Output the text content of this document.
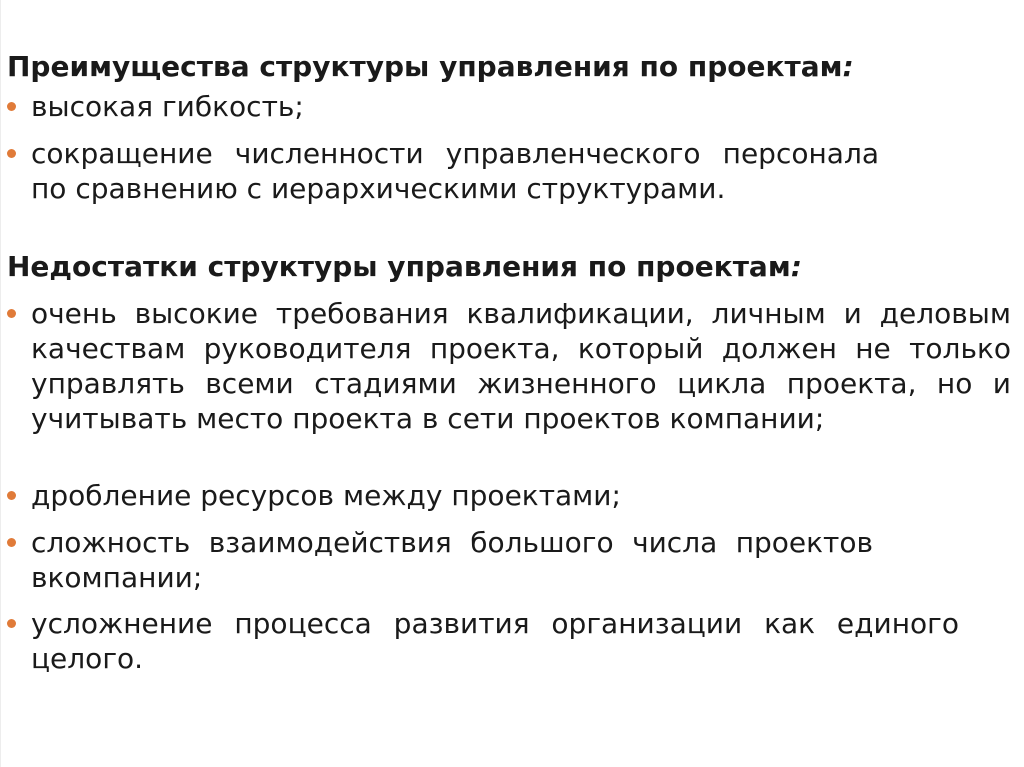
Преимущества структуры управления по проектам:
высокая гибкость;
сокращение численности управленческого персонала по сравнению с иерархическими структурами.
Недостатки структуры управления по проектам:
очень высокие требования квалификации, личным и деловым качествам руководителя проекта, который должен не только управлять всеми стадиями жизненного цикла проекта, но и учитывать место проекта в сети проектов компании;
дробление ресурсов между проектами;
сложность взаимодействия большого числа проектов вкомпании;
усложнение процесса развития организации как единого целого.
